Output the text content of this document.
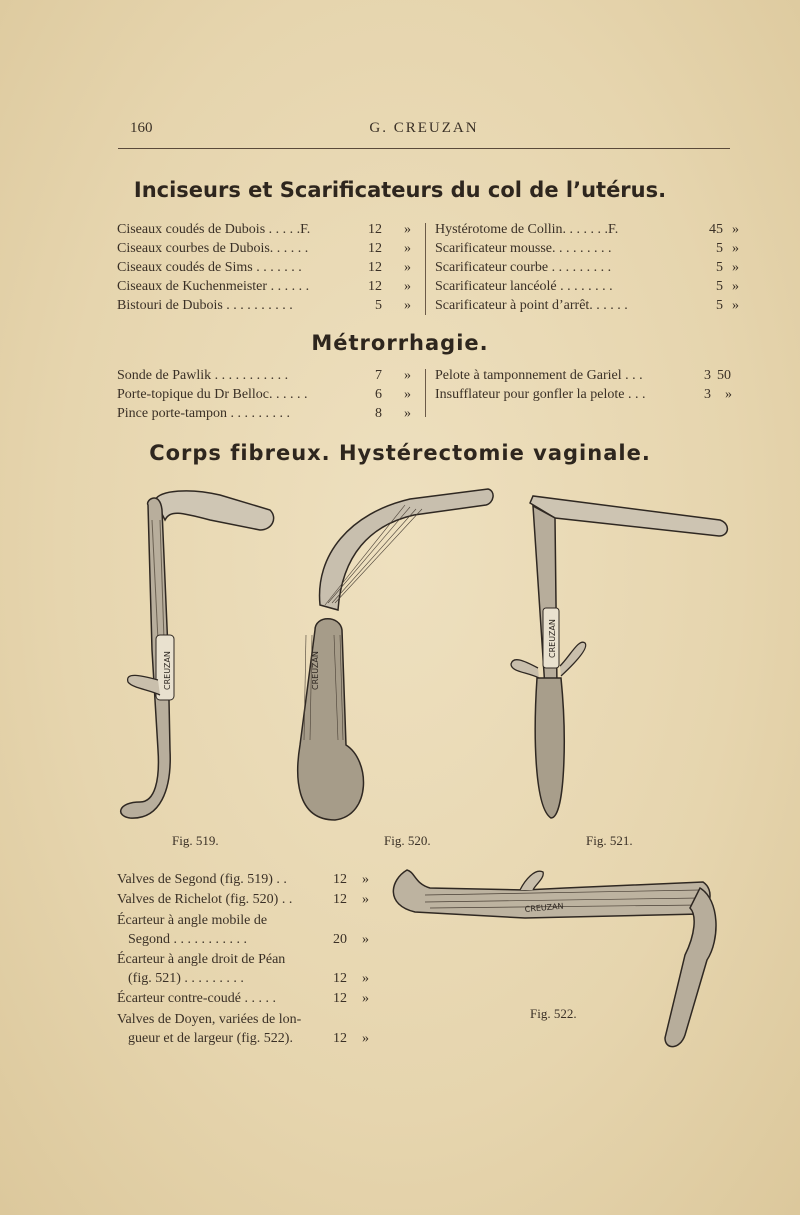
160	G. CREUZAN
Inciseurs et Scarificateurs du col de l’utérus.
Ciseaux coudés de Dubois . . . . .F.	12 »
Ciseaux courbes de Dubois. . . . . .	12 »
Ciseaux coudés de Sims . . . . . . .	12 »
Ciseaux de Kuchenmeister . . . . . .	12 »
Bistouri de Dubois . . . . . . . . . .	5 »
Hystérotome de Collin. . . . . . .F.	45 »
Scarificateur mousse. . . . . . . . .	5 »
Scarificateur courbe . . . . . . . . .	5 »
Scarificateur lancéolé . . . . . . . .	5 »
Scarificateur à point d’arrêt. . . . . .	5 »
Métrorrhagie.
Sonde de Pawlik . . . . . . . . . . .	7 »
Porte-topique du Dr Belloc. . . . . .	6 »
Pince porte-tampon . . . . . . . . .	8 »
Pelote à tamponnement de Gariel . . .	3 50
Insufflateur pour gonfler la pelote . . .	3 »
Corps fibreux. Hystérectomie vaginale.
CREUZAN
Fig. 519.
CREUZAN
Fig. 520.
CREUZAN
Fig. 521.
Valves de Segond (fig. 519) . .	12 »
Valves de Richelot (fig. 520) . .	12 »
Écarteur à angle mobile de
Segond . . . . . . . . . . .	20 »
Écarteur à angle droit de Péan
(fig. 521) . . . . . . . . .	12 »
Écarteur contre-coudé . . . . .	12 »
Valves de Doyen, variées de lon-
gueur et de largeur (fig. 522).	12 »
CREUZAN
Fig. 522.
